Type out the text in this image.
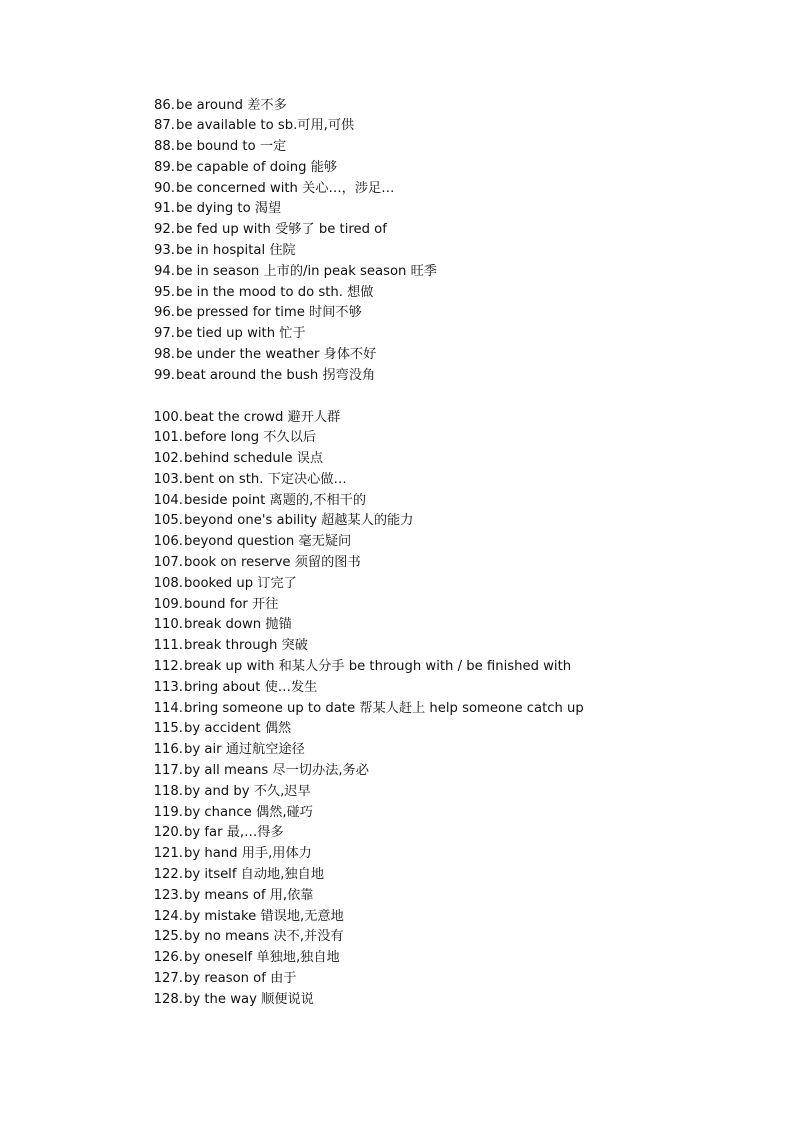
86. be around 差不多
87. be available to sb.可用,可供
88. be bound to 一定
89. be capable of doing 能够
90. be concerned with 关心…，涉足…
91. be dying to 渴望
92. be fed up with 受够了 be tired of
93. be in hospital 住院
94. be in season 上市的/in peak season 旺季
95. be in the mood to do sth. 想做
96. be pressed for time 时间不够
97. be tied up with 忙于
98. be under the weather 身体不好
99. beat around the bush 拐弯没角
100. beat the crowd 避开人群
101. before long 不久以后
102. behind schedule 误点
103. bent on sth. 下定决心做…
104. beside point 离题的,不相干的
105. beyond one's ability 超越某人的能力
106. beyond question 毫无疑问
107. book on reserve 须留的图书
108. booked up 订完了
109. bound for 开往
110. break down 抛锚
111. break through 突破
112. break up with 和某人分手 be through with / be finished with
113. bring about 使…发生
114. bring someone up to date 帮某人赶上 help someone catch up
115. by accident 偶然
116. by air 通过航空途径
117. by all means 尽一切办法,务必
118. by and by 不久,迟早
119. by chance 偶然,碰巧
120. by far 最,…得多
121. by hand 用手,用体力
122. by itself 自动地,独自地
123. by means of 用,依靠
124. by mistake 错误地,无意地
125. by no means 决不,并没有
126. by oneself 单独地,独自地
127. by reason of 由于
128. by the way 顺便说说
